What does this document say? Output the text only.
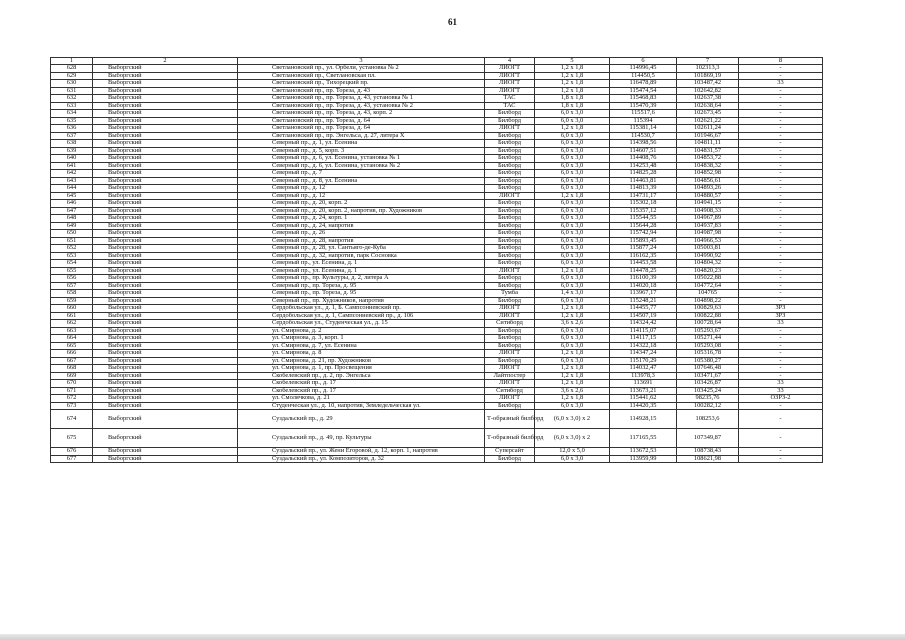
61
1	2	3	4	5	6	7	8
628	Выборгский	Светлановский пр., ул. Орбели, установка № 2	ЛИОГТ	1,2 х 1,8	114996,45	102313,3	-
629	Выборгский	Светлановский пр., Светлановская пл.	ЛИОГТ	1,2 х 1,8	114450,5	101869,19	-
630	Выборгский	Светлановский пр., Тихорецкий пр.	ЛИОГТ	1,2 х 1,8	116478,89	103487,42	33
631	Выборгский	Светлановский пр., пр. Тореза, д. 43	ЛИОГТ	1,2 х 1,8	115474,54	102642,82	-
632	Выборгский	Светлановский пр., пр. Тореза, д. 43, установка № 1	ТАС	1,8 х 1,8	115468,83	102637,38	-
633	Выборгский	Светлановский пр., пр. Тореза, д. 43, установка № 2	ТАС	1,8 х 1,8	115470,39	102638,64	-
634	Выборгский	Светлановский пр., пр. Тореза, д. 43, корп. 2	Билборд	6,0 х 3,0	115517,6	102673,45	-
635	Выборгский	Светлановский пр., пр. Тореза, д. 64	Билборд	6,0 х 3,0	115394	102621,22	-
636	Выборгский	Светлановский пр., пр. Тореза, д. 64	ЛИОГТ	1,2 х 1,8	115381,14	102611,24	-
637	Выборгский	Светлановский пр., пр. Энгельса, д. 27, литера Х	Билборд	6,0 х 3,0	114530,7	101946,67	-
638	Выборгский	Северный пр., д. 1, ул. Есенина	Билборд	6,0 х 3,0	114398,56	104811,11	-
639	Выборгский	Северный пр., д. 5, корп. 3	Билборд	6,0 х 3,0	114607,51	104831,57	-
640	Выборгский	Северный пр., д. 6, ул. Есенина, установка № 1	Билборд	6,0 х 3,0	114408,76	104853,72	-
641	Выборгский	Северный пр., д. 6, ул. Есенина, установка № 2	Билборд	6,0 х 3,0	114253,48	104838,32	-
642	Выборгский	Северный пр., д. 7	Билборд	6,0 х 3,0	114825,28	104852,98	-
643	Выборгский	Северный пр., д. 8, ул. Есенина	Билборд	6,0 х 3,0	114463,81	104856,61	-
644	Выборгский	Северный пр., д. 12	Билборд	6,0 х 3,0	114813,39	104893,26	-
645	Выборгский	Северный пр., д. 12	ЛИОГТ	1,2 х 1,8	114731,17	104880,57	-
646	Выборгский	Северный пр., д. 20, корп. 2	Билборд	6,0 х 3,0	115302,18	104941,15	-
647	Выборгский	Северный пр., д. 20, корп. 2, напротив, пр. Художников	Билборд	6,0 х 3,0	115357,12	104908,33	-
648	Выборгский	Северный пр., д. 24, корп. 1	Билборд	6,0 х 3,0	115544,55	104967,89	-
649	Выборгский	Северный пр., д. 24, напротив	Билборд	6,0 х 3,0	115644,28	104937,83	-
650	Выборгский	Северный пр., д. 26	Билборд	6,0 х 3,0	115742,94	104987,98	-
651	Выборгский	Северный пр., д. 28, напротив	Билборд	6,0 х 3,0	115893,45	104966,53	-
652	Выборгский	Северный пр., д. 28, ул. Сантьяго-де-Куба	Билборд	6,0 х 3,0	115877,24	105003,81	-
653	Выборгский	Северный пр., д. 32, напротив, парк Сосновка	Билборд	6,0 х 3,0	116162,35	104990,92	-
654	Выборгский	Северный пр., ул. Есенина, д. 1	Билборд	6,0 х 3,0	114453,58	104804,32	-
655	Выборгский	Северный пр., ул. Есенина, д. 1	ЛИОГТ	1,2 х 1,8	114478,25	104820,23	-
656	Выборгский	Северный пр., пр. Культуры, д. 2, литера А	Билборд	6,0 х 3,0	116100,39	105022,88	-
657	Выборгский	Северный пр., пр. Тореза, д. 95	Билборд	6,0 х 3,0	114020,18	104772,64	-
658	Выборгский	Северный пр., пр. Тореза, д. 95	Тумба	1,4 х 3,0	113967,17	104765	-
659	Выборгский	Северный пр., пр. Художников, напротив	Билборд	6,0 х 3,0	115248,21	104898,22	-
660	Выборгский	Сердобольская ул., д. 1, Б. Сампсониевский пр.	ЛИОГТ	1,2 х 1,8	114455,77	100829,63	ЗРЗ
661	Выборгский	Сердобольская ул., д. 1, Сампсониевский пр., д. 106	ЛИОГТ	1,2 х 1,8	114507,19	100822,88	ЗРЗ
662	Выборгский	Сердобольская ул., Студенческая ул., д. 15	Ситиборд	3,6 х 2,6	114324,42	100728,64	33
663	Выборгский	ул. Смирнова, д. 2	Билборд	6,0 х 3,0	114115,07	105293,67	-
664	Выборгский	ул. Смирнова, д. 3, корп. 1	Билборд	6,0 х 3,0	114117,15	105271,44	-
665	Выборгский	ул. Смирнова, д. 7, ул. Есенина	Билборд	6,0 х 3,0	114322,18	105293,08	-
666	Выборгский	ул. Смирнова, д. 8	ЛИОГТ	1,2 х 1,8	114347,24	105316,78	-
667	Выборгский	ул. Смирнова, д. 21, пр. Художников	Билборд	6,0 х 3,0	115170,29	105380,27	-
668	Выборгский	ул. Смирнова, д. 1, пр. Просвещения	ЛИОГТ	1,2 х 1,8	114032,47	107646,48	-
669	Выборгский	Скобелевский пр., д. 2, пр. Энгельса	Лайтпостер	1,2 х 1,8	113978,3	103471,67	-
670	Выборгский	Скобелевский пр., д. 17	ЛИОГТ	1,2 х 1,8	113691	103426,87	33
671	Выборгский	Скобелевский пр., д. 17	Ситиборд	3,6 х 2,6	113673,21	103425,24	33
672	Выборгский	ул. Смолячкова, д. 21	ЛИОГТ	1,2 х 1,8	115441,62	98235,76	ОЗРЗ-2
673	Выборгский	Студенческая ул., д. 10, напротив, Земледельческая ул.	Билборд	6,0 х 3,0	114420,35	100282,12	-
674	Выборгский	Суздальский пр., д. 29	Т-образный билборд	(6,0 х 3,0) х 2	114928,15	108253,6	-
675	Выборгский	Суздальский пр., д. 49, пр. Культуры	Т-образный билборд	(6,0 х 3,0) х 2	117165,55	107349,87	-
676	Выборгский	Суздальский пр., ул. Жени Егоровой, д. 12, корп. 1, напротив	Суперсайт	12,0 х 5,0	113672,53	108738,43	-
677	Выборгский	Суздальский пр., ул. Композиторов, д. 32	Билборд	6,0 х 3,0	113959,99	108621,98	-
